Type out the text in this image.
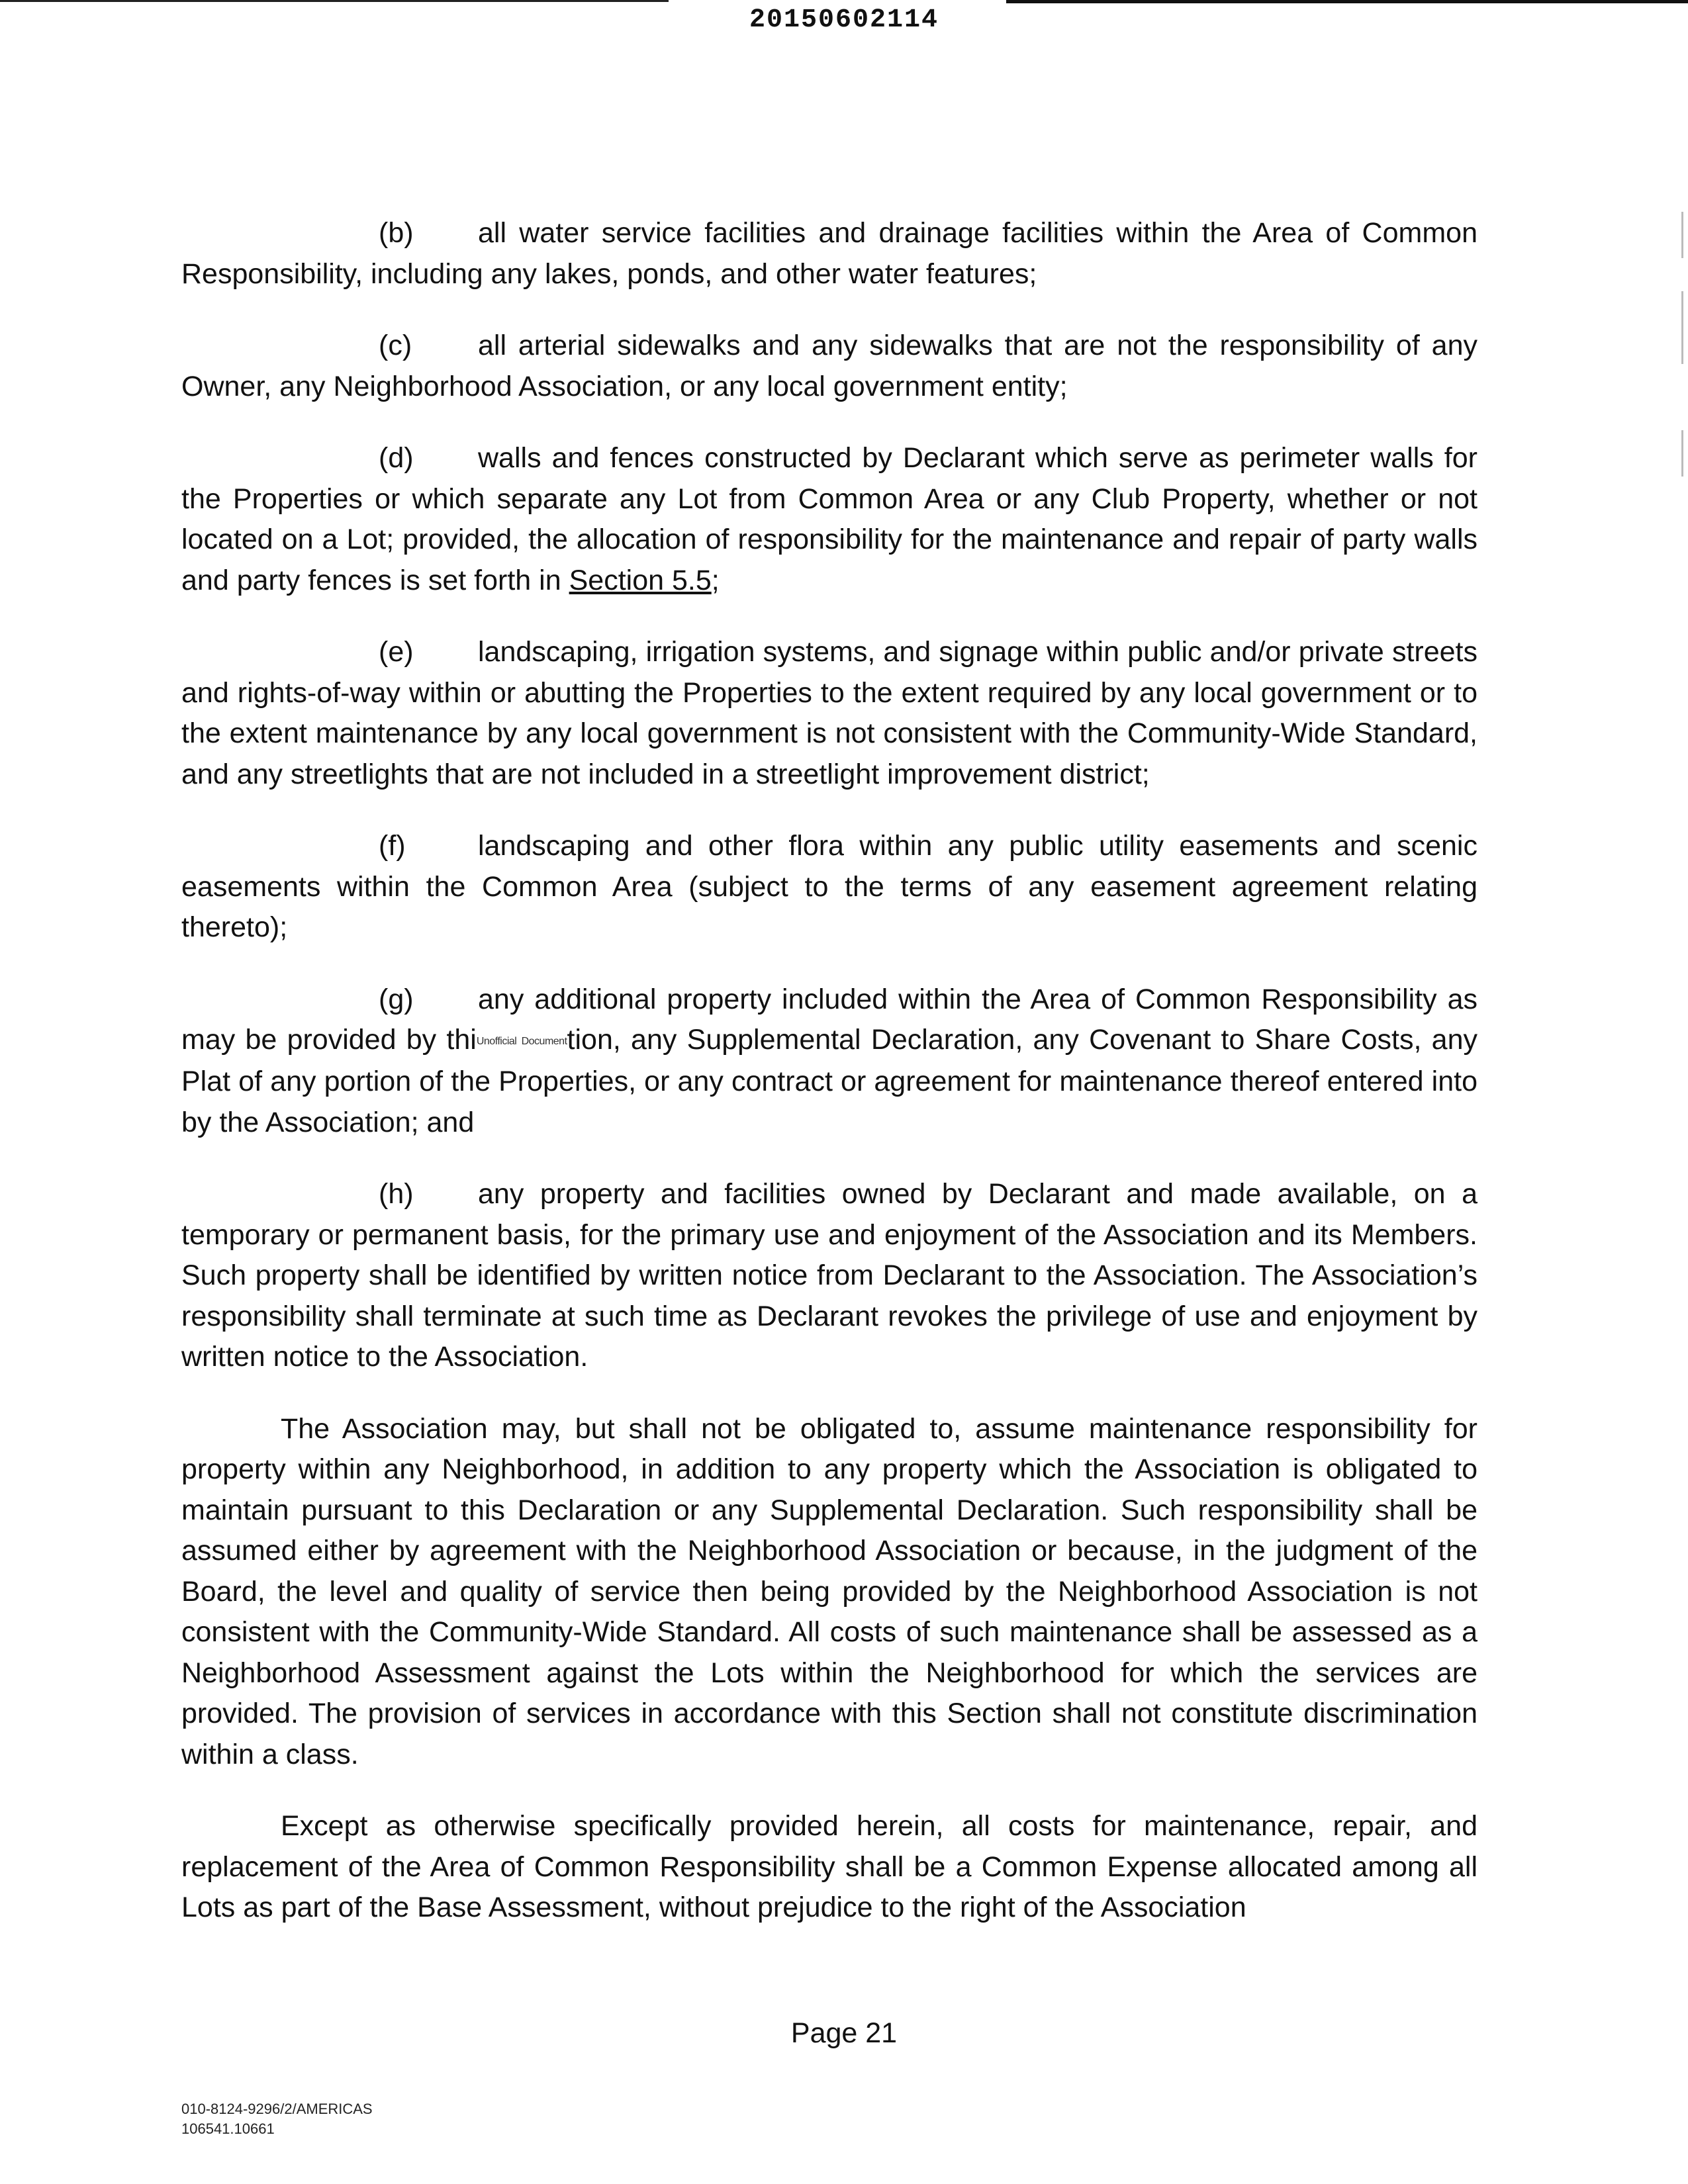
20150602114

(b) all water service facilities and drainage facilities within the Area of Common Responsibility, including any lakes, ponds, and other water features;

(c) all arterial sidewalks and any sidewalks that are not the responsibility of any Owner, any Neighborhood Association, or any local government entity;

(d) walls and fences constructed by Declarant which serve as perimeter walls for the Properties or which separate any Lot from Common Area or any Club Property, whether or not located on a Lot; provided, the allocation of responsibility for the maintenance and repair of party walls and party fences is set forth in Section 5.5;

(e) landscaping, irrigation systems, and signage within public and/or private streets and rights-of-way within or abutting the Properties to the extent required by any local government or to the extent maintenance by any local government is not consistent with the Community-Wide Standard, and any streetlights that are not included in a streetlight improvement district;

(f)	landscaping and other flora within any public utility easements and scenic easements within the Common Area (subject to the terms of any easement agreement relating thereto);

(g) any additional property included within the Area of Common Responsibility as may be provided by thiUnofficial Documenttion, any Supplemental Declaration, any Covenant to Share Costs, any Plat of any portion of the Properties, or any contract or agreement for maintenance thereof entered into by the Association; and

(h) any property and facilities owned by Declarant and made available, on a temporary or permanent basis, for the primary use and enjoyment of the Association and its Members. Such property shall be identified by written notice from Declarant to the Association. The Association’s responsibility shall terminate at such time as Declarant revokes the privilege of use and enjoyment by written notice to the Association.

The Association may, but shall not be obligated to, assume maintenance responsibility for property within any Neighborhood, in addition to any property which the Association is obligated to maintain pursuant to this Declaration or any Supplemental Declaration. Such responsibility shall be assumed either by agreement with the Neighborhood Association or because, in the judgment of the Board, the level and quality of service then being provided by the Neighborhood Association is not consistent with the Community-Wide Standard. All costs of such maintenance shall be assessed as a Neighborhood Assessment against the Lots within the Neighborhood for which the services are provided. The provision of services in accordance with this Section shall not constitute discrimination within a class.

Except as otherwise specifically provided herein, all costs for maintenance, repair, and replacement of the Area of Common Responsibility shall be a Common Expense allocated among all Lots as part of the Base Assessment, without prejudice to the right of the Association

Page 21
010-8124-9296/2/AMERICAS
106541.10661
